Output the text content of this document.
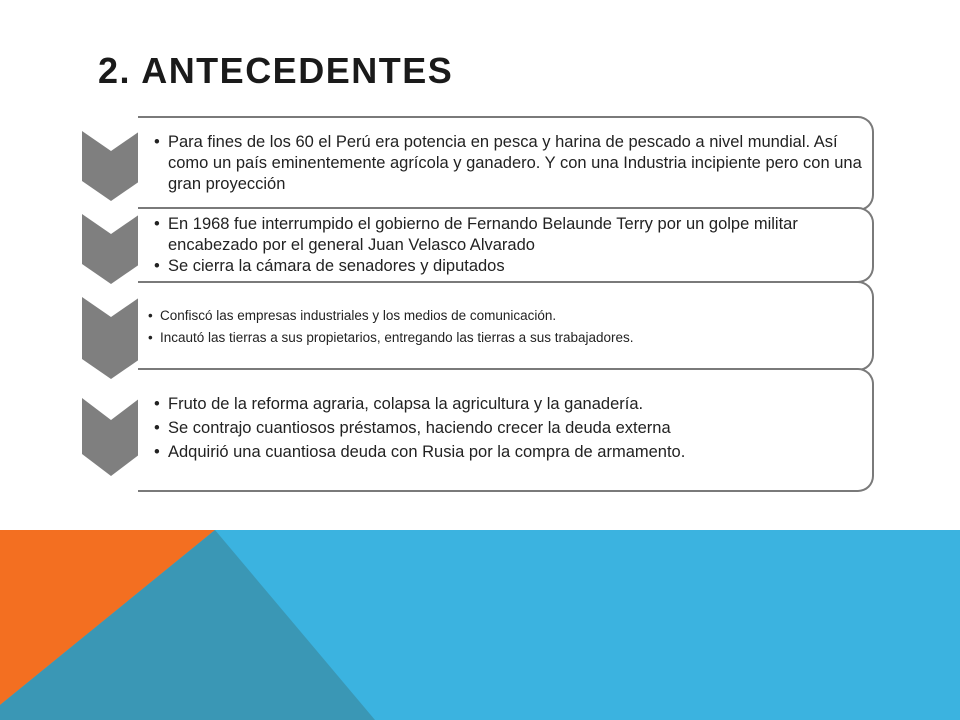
2. ANTECEDENTES
• Para fines de los 60 el Perú era potencia en pesca y harina de pescado a nivel mundial. Así como un país eminentemente agrícola y ganadero. Y con una Industria incipiente pero con una gran proyección
• En 1968 fue interrumpido el gobierno de Fernando Belaunde Terry por un golpe militar encabezado por el general Juan Velasco Alvarado
• Se cierra la cámara de senadores y diputados
• Confiscó las empresas industriales y los medios de comunicación.
• Incautó las tierras a sus propietarios, entregando las tierras a sus trabajadores.
• Fruto de la reforma agraria, colapsa la agricultura y la ganadería.
• Se contrajo cuantiosos préstamos, haciendo crecer la deuda externa
• Adquirió una cuantiosa deuda con Rusia por la compra de armamento.
